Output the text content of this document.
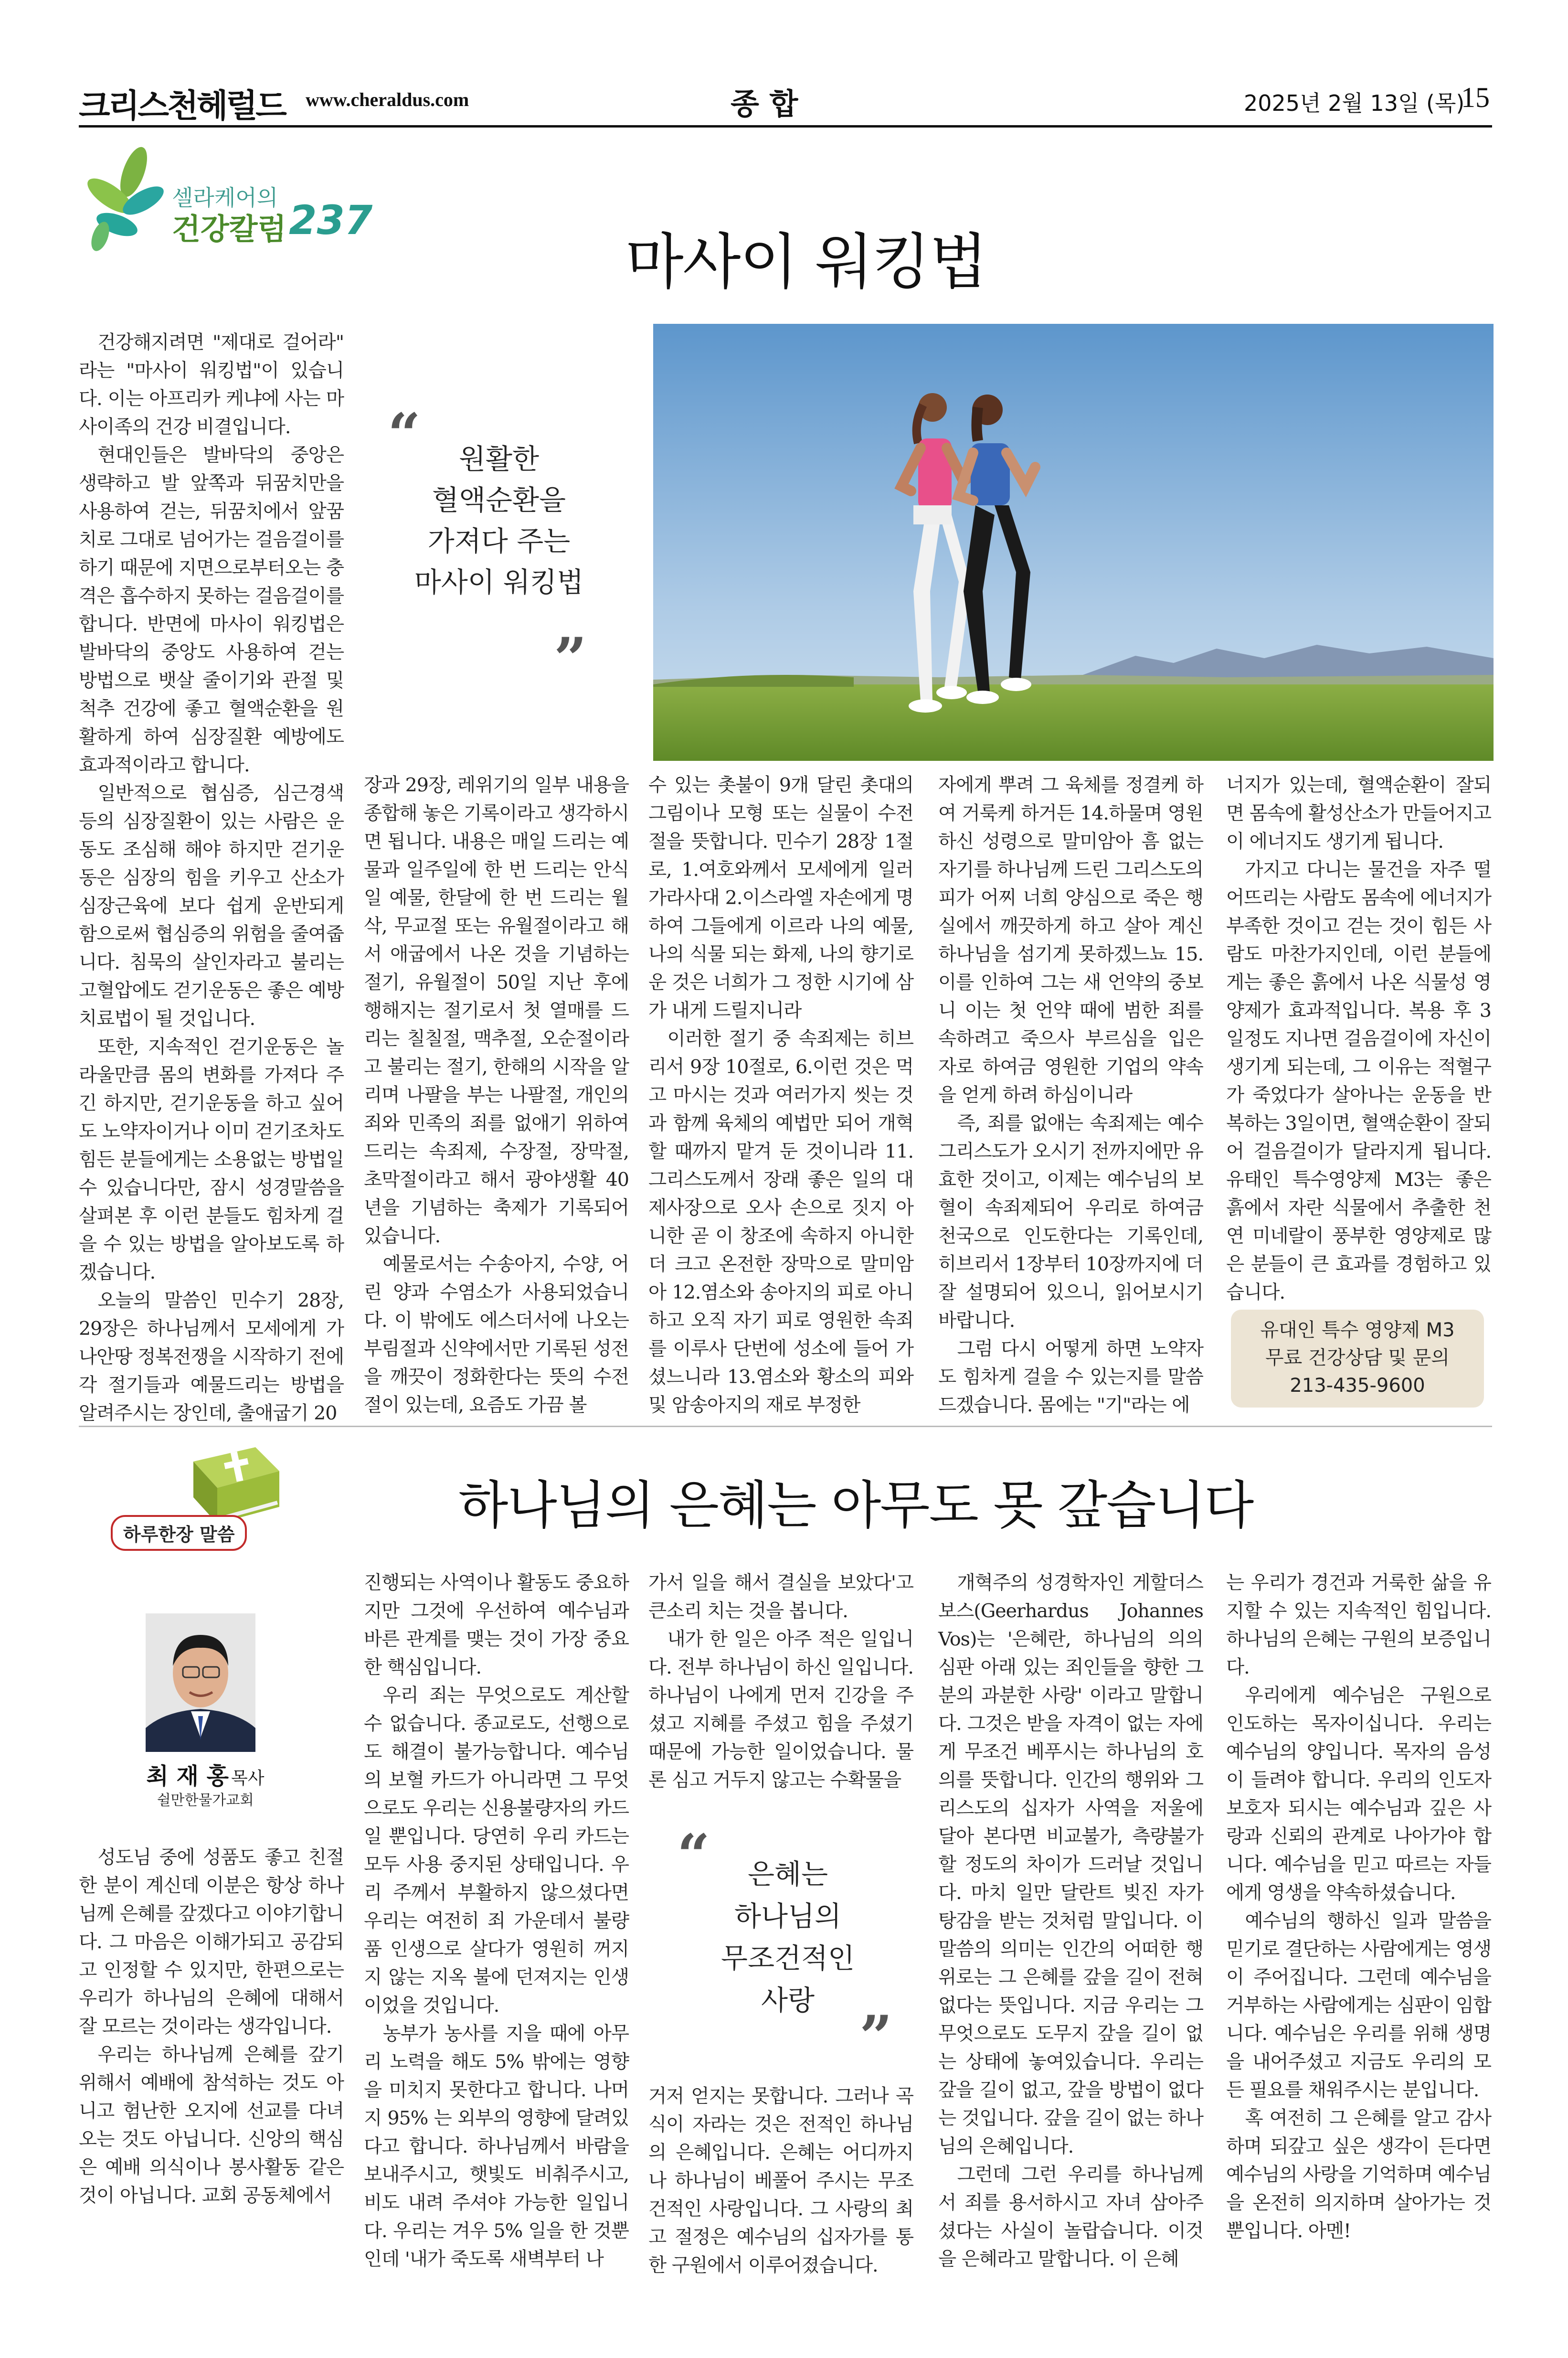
크리스천헤럴드 www.cheraldus.com	종 합	2025년 2월 13일 (목)
15
셀라케어의
건강칼럼 237
마사이 워킹법
“	원활한
혈액순환을
가져다 주는
마사이 워킹법
”

건강해지려면 "제대로 걸어라" 라는 "마사이 워킹법"이 있습니다. 이는 아프리카 케냐에 사는 마사이족의 건강 비결입니다.

현대인들은 발바닥의 중앙은 생략하고 발 앞쪽과 뒤꿈치만을 사용하여 걷는, 뒤꿈치에서 앞꿈치로 그대로 넘어가는 걸음걸이를 하기 때문에 지면으로부터오는 충격은 흡수하지 못하는 걸음걸이를 합니다. 반면에 마사이 워킹법은 발바닥의 중앙도 사용하여 걷는 방법으로 뱃살 줄이기와 관절 및 척추 건강에 좋고 혈액순환을 원활하게 하여 심장질환 예방에도 효과적이라고 합니다.

일반적으로 협심증, 심근경색 등의 심장질환이 있는 사람은 운동도 조심해 해야 하지만 걷기운동은 심장의 힘을 키우고 산소가 심장근육에 보다 쉽게 운반되게 함으로써 협심증의 위험을 줄여줍니다. 침묵의 살인자라고 불리는 고혈압에도 걷기운동은 좋은 예방 치료법이 될 것입니다.

또한, 지속적인 걷기운동은 놀라울만큼 몸의 변화를 가져다 주긴 하지만, 걷기운동을 하고 싶어도 노약자이거나 이미 걷기조차도 힘든 분들에게는 소용없는 방법일 수 있습니다만, 잠시 성경말씀을 살펴본 후 이런 분들도 힘차게 걸을 수 있는 방법을 알아보도록 하겠습니다.

오늘의 말씀인 민수기 28장, 29장은 하나님께서 모세에게 가나안땅 정복전쟁을 시작하기 전에 각 절기들과 예물드리는 방법을 알려주시는 장인데, 출애굽기 20

장과 29장, 레위기의 일부 내용을 종합해 놓은 기록이라고 생각하시면 됩니다. 내용은 매일 드리는 예물과 일주일에 한 번 드리는 안식일 예물, 한달에 한 번 드리는 월삭, 무교절 또는 유월절이라고 해서 애굽에서 나온 것을 기념하는 절기, 유월절이 50일 지난 후에 행해지는 절기로서 첫 열매를 드리는 칠칠절, 맥추절, 오순절이라고 불리는 절기, 한해의 시작을 알리며 나팔을 부는 나팔절, 개인의 죄와 민족의 죄를 없애기 위하여 드리는 속죄제, 수장절, 장막절, 초막절이라고 해서 광야생활 40년을 기념하는 축제가 기록되어 있습니다.

예물로서는 수송아지, 수양, 어린 양과 수염소가 사용되었습니다. 이 밖에도 에스더서에 나오는 부림절과 신약에서만 기록된 성전을 깨끗이 정화한다는 뜻의 수전절이 있는데, 요즘도 가끔 볼

수 있는 촛불이 9개 달린 촛대의 그림이나 모형 또는 실물이 수전절을 뜻합니다. 민수기 28장 1절로, 1.여호와께서 모세에게 일러 가라사대 2.이스라엘 자손에게 명하여 그들에게 이르라 나의 예물, 나의 식물 되는 화제, 나의 향기로운 것은 너희가 그 정한 시기에 삼가 내게 드릴지니라

이러한 절기 중 속죄제는 히브리서 9장 10절로, 6.이런 것은 먹고 마시는 것과 여러가지 씻는 것과 함께 육체의 예법만 되어 개혁할 때까지 맡겨 둔 것이니라 11.그리스도께서 장래 좋은 일의 대제사장으로 오사 손으로 짓지 아니한 곧 이 창조에 속하지 아니한 더 크고 온전한 장막으로 말미암아 12.염소와 송아지의 피로 아니하고 오직 자기 피로 영원한 속죄를 이루사 단번에 성소에 들어 가셨느니라 13.염소와 황소의 피와 및 암송아지의 재로 부정한

자에게 뿌려 그 육체를 정결케 하여 거룩케 하거든 14.하물며 영원하신 성령으로 말미암아 흠 없는 자기를 하나님께 드린 그리스도의 피가 어찌 너희 양심으로 죽은 행실에서 깨끗하게 하고 살아 계신 하나님을 섬기게 못하겠느뇨 15.이를 인하여 그는 새 언약의 중보니 이는 첫 언약 때에 범한 죄를 속하려고 죽으사 부르심을 입은 자로 하여금 영원한 기업의 약속을 얻게 하려 하심이니라

즉, 죄를 없애는 속죄제는 예수 그리스도가 오시기 전까지에만 유효한 것이고, 이제는 예수님의 보혈이 속죄제되어 우리로 하여금 천국으로 인도한다는 기록인데, 히브리서 1장부터 10장까지에 더 잘 설명되어 있으니, 읽어보시기 바랍니다.

그럼 다시 어떻게 하면 노약자도 힘차게 걸을 수 있는지를 말씀드겠습니다. 몸에는 "기"라는 에

너지가 있는데, 혈액순환이 잘되면 몸속에 활성산소가 만들어지고 이 에너지도 생기게 됩니다.

가지고 다니는 물건을 자주 떨어뜨리는 사람도 몸속에 에너지가 부족한 것이고 걷는 것이 힘든 사람도 마찬가지인데, 이런 분들에게는 좋은 흙에서 나온 식물성 영양제가 효과적입니다. 복용 후 3일정도 지나면 걸음걸이에 자신이 생기게 되는데, 그 이유는 적혈구가 죽었다가 살아나는 운동을 반복하는 3일이면, 혈액순환이 잘되어 걸음걸이가 달라지게 됩니다. 유태인 특수영양제 M3는 좋은 흙에서 자란 식물에서 추출한 천연 미네랄이 풍부한 영양제로 많은 분들이 큰 효과를 경험하고 있습니다.

유대인 특수 영양제 M3
무료 건강상담 및 문의
213-435-9600
하루한장 말씀	하나님의 은혜는 아무도 못 갚습니다
최 재 홍 목사
쉴만한물가교회

성도님 중에 성품도 좋고 친절한 분이 계신데 이분은 항상 하나님께 은혜를 갚겠다고 이야기합니다. 그 마음은 이해가되고 공감되고 인정할 수 있지만, 한편으로는 우리가 하나님의 은혜에 대해서 잘 모르는 것이라는 생각입니다.

우리는 하나님께 은혜를 갚기 위해서 예배에 참석하는 것도 아니고 험난한 오지에 선교를 다녀오는 것도 아닙니다. 신앙의 핵심은 예배 의식이나 봉사활동 같은 것이 아닙니다. 교회 공동체에서

진행되는 사역이나 활동도 중요하지만 그것에 우선하여 예수님과 바른 관계를 맺는 것이 가장 중요한 핵심입니다.

우리 죄는 무엇으로도 계산할 수 없습니다. 종교로도, 선행으로도 해결이 불가능합니다. 예수님의 보혈 카드가 아니라면 그 무엇으로도 우리는 신용불량자의 카드일 뿐입니다. 당연히 우리 카드는 모두 사용 중지된 상태입니다. 우리 주께서 부활하지 않으셨다면 우리는 여전히 죄 가운데서 불량품 인생으로 살다가 영원히 꺼지지 않는 지옥 불에 던져지는 인생이었을 것입니다.

농부가 농사를 지을 때에 아무리 노력을 해도 5% 밖에는 영향을 미치지 못한다고 합니다. 나머지 95% 는 외부의 영향에 달려있다고 합니다. 하나님께서 바람을 보내주시고, 햇빛도 비춰주시고, 비도 내려 주셔야 가능한 일입니다. 우리는 겨우 5% 일을 한 것뿐인데 '내가 죽도록 새벽부터 나

가서 일을 해서 결실을 보았다'고 큰소리 치는 것을 봅니다.

내가 한 일은 아주 적은 일입니다. 전부 하나님이 하신 일입니다. 하나님이 나에게 먼저 긴강을 주셨고 지혜를 주셨고 힘을 주셨기 때문에 가능한 일이었습니다. 물론 심고 거두지 않고는 수확물을

“	은혜는
하나님의
무조건적인
사랑
”

거저 얻지는 못합니다. 그러나 곡식이 자라는 것은 전적인 하나님의 은혜입니다. 은혜는 어디까지나 하나님이 베풀어 주시는 무조건적인 사랑입니다. 그 사랑의 최고 절정은 예수님의 십자가를 통한 구원에서 이루어졌습니다.

개혁주의 성경학자인 게할더스 보스(Geerhardus Johannes Vos)는 '은혜란, 하나님의 의의 심판 아래 있는 죄인들을 향한 그분의 과분한 사랑' 이라고 말합니다. 그것은 받을 자격이 없는 자에게 무조건 베푸시는 하나님의 호의를 뜻합니다. 인간의 행위와 그리스도의 십자가 사역을 저울에 달아 본다면 비교불가, 측량불가 할 정도의 차이가 드러날 것입니다. 마치 일만 달란트 빚진 자가 탕감을 받는 것처럼 말입니다. 이 말씀의 의미는 인간의 어떠한 행위로는 그 은혜를 갚을 길이 전혀 없다는 뜻입니다. 지금 우리는 그 무엇으로도 도무지 갚을 길이 없는 상태에 놓여있습니다. 우리는 갚을 길이 없고, 갚을 방법이 없다는 것입니다. 갚을 길이 없는 하나님의 은혜입니다.

그런데 그런 우리를 하나님께서 죄를 용서하시고 자녀 삼아주셨다는 사실이 놀랍습니다. 이것을 은혜라고 말합니다. 이 은혜

는 우리가 경건과 거룩한 삶을 유지할 수 있는 지속적인 힘입니다. 하나님의 은혜는 구원의 보증입니다.

우리에게 예수님은 구원으로 인도하는 목자이십니다. 우리는 예수님의 양입니다. 목자의 음성이 들려야 합니다. 우리의 인도자 보호자 되시는 예수님과 깊은 사랑과 신뢰의 관계로 나아가야 합니다. 예수님을 믿고 따르는 자들에게 영생을 약속하셨습니다.

예수님의 행하신 일과 말씀을 믿기로 결단하는 사람에게는 영생이 주어집니다. 그런데 예수님을 거부하는 사람에게는 심판이 임합니다. 예수님은 우리를 위해 생명을 내어주셨고 지금도 우리의 모든 필요를 채워주시는 분입니다.

혹 여전히 그 은혜를 알고 감사하며 되갚고 싶은 생각이 든다면 예수님의 사랑을 기억하며 예수님을 온전히 의지하며 살아가는 것뿐입니다. 아멘!
